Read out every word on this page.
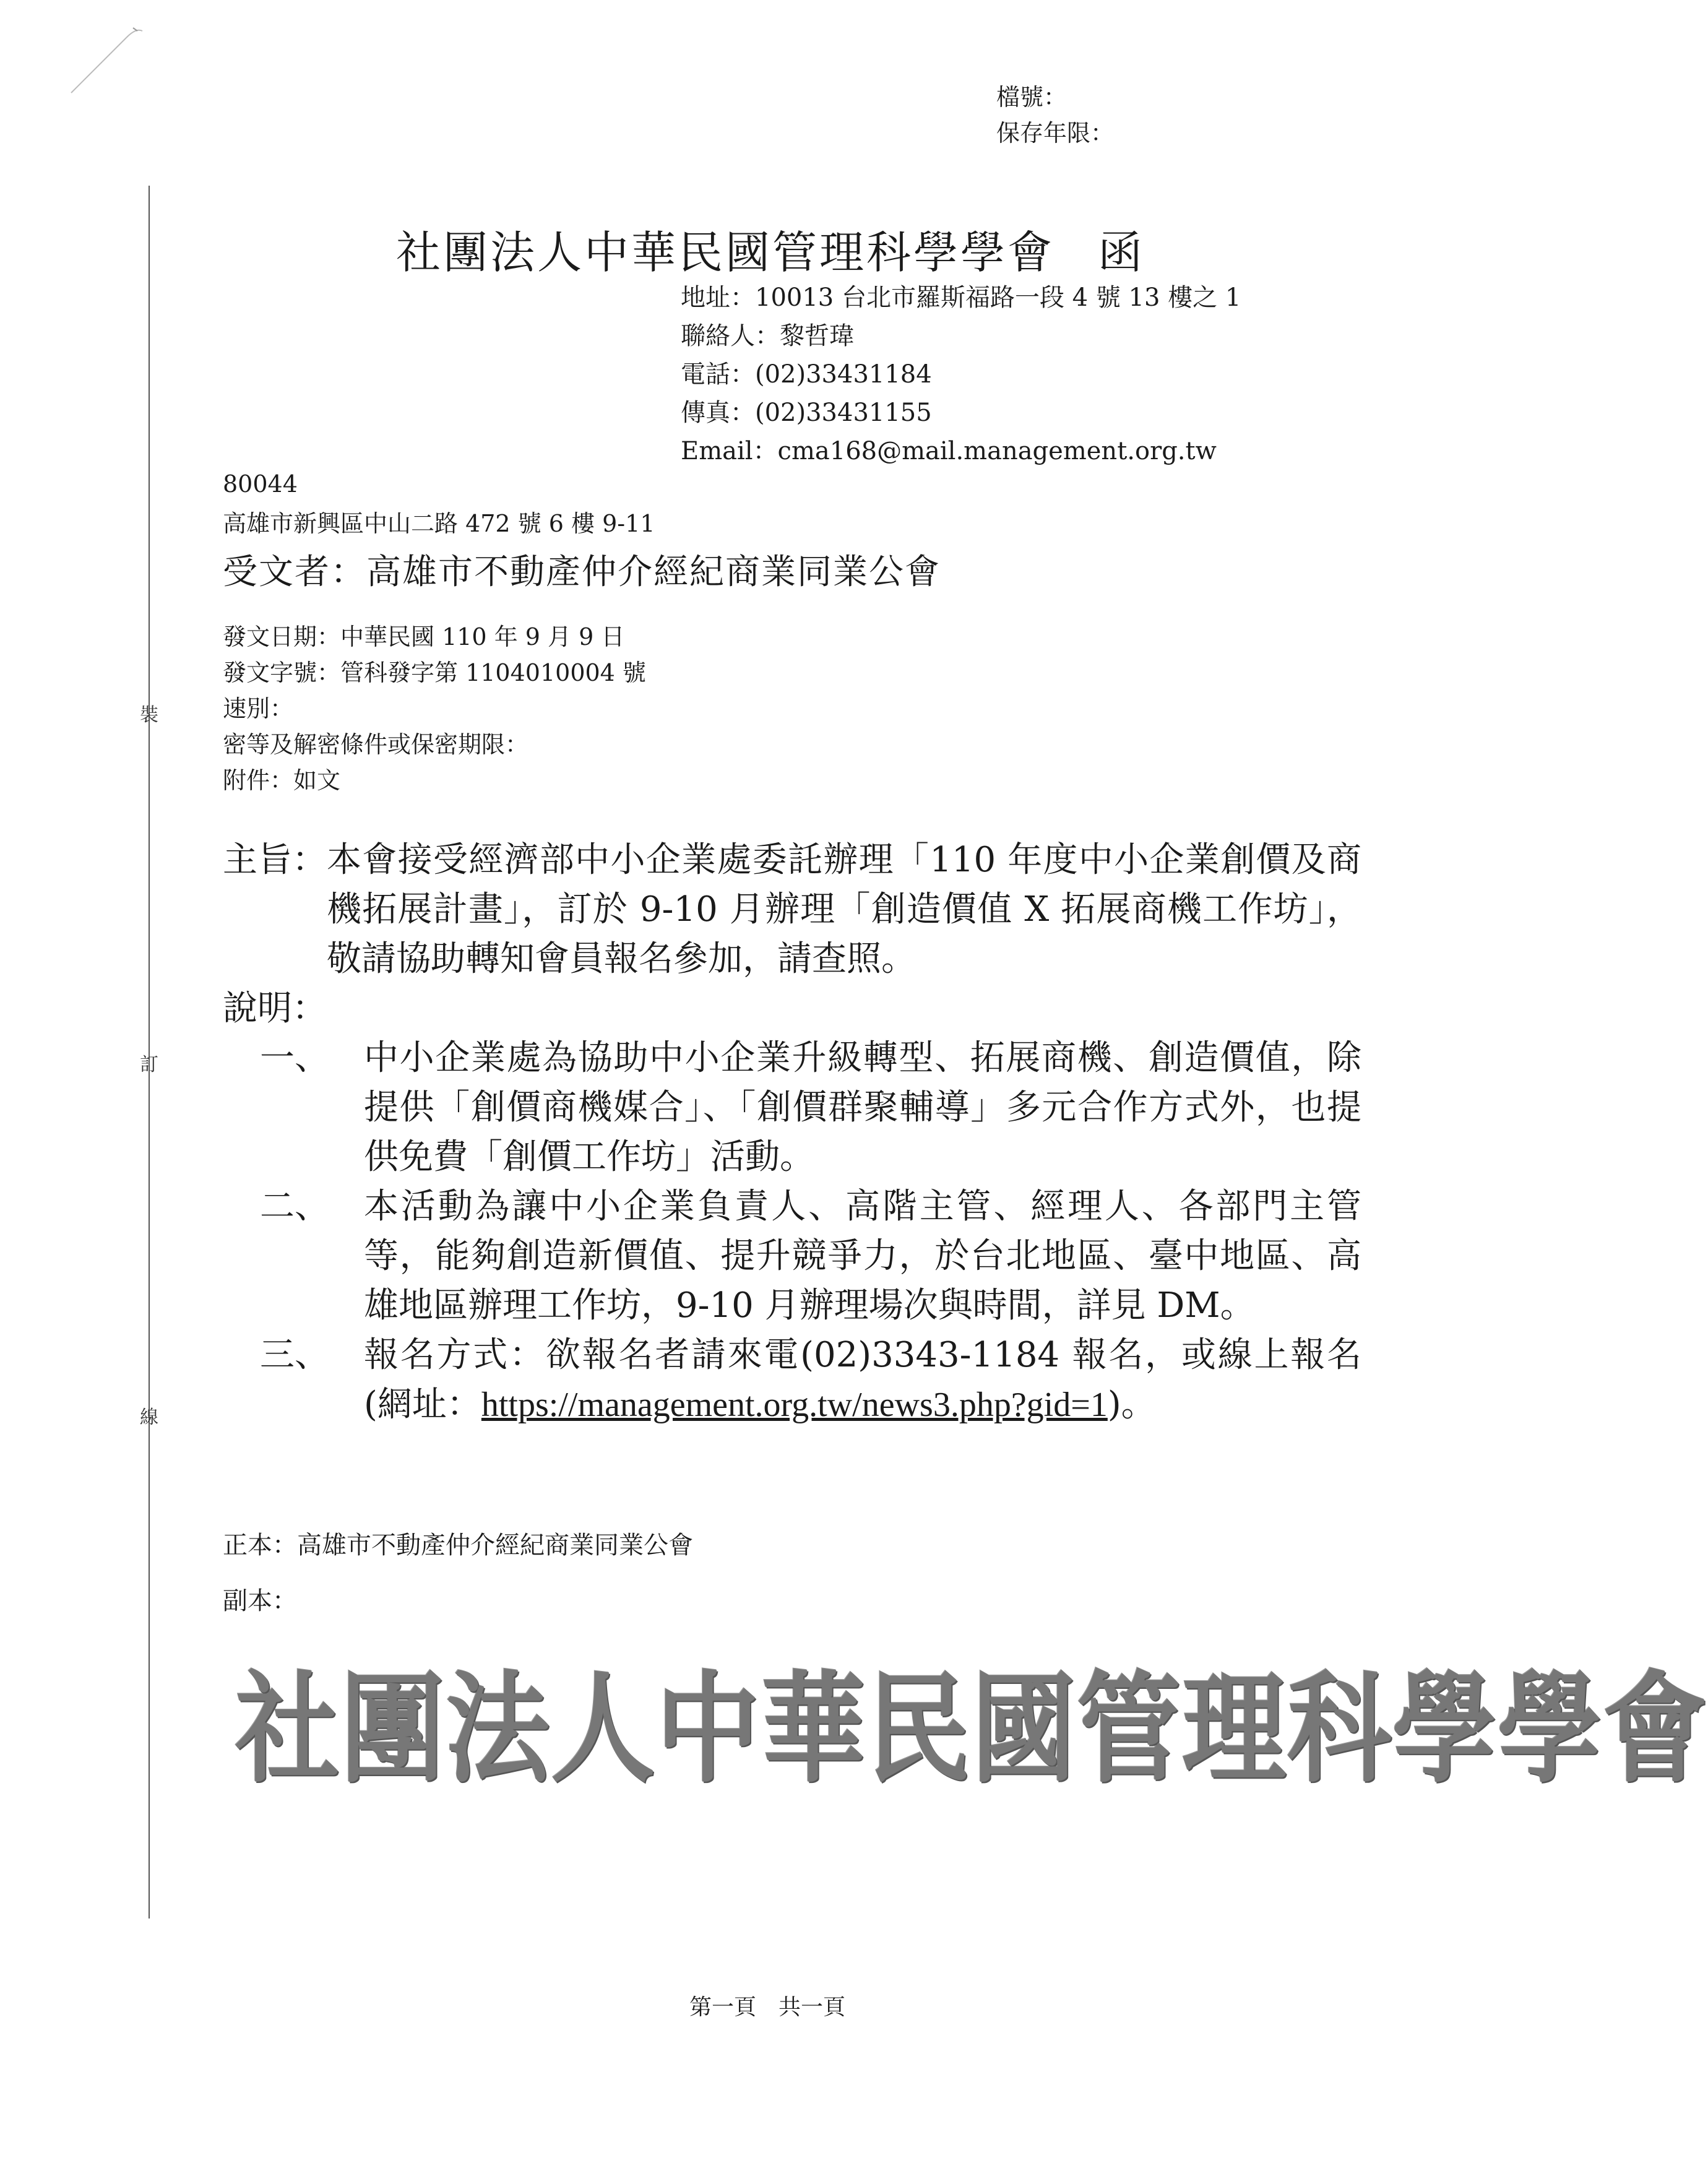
檔號：
保存年限：
裝
訂
線
社團法人中華民國管理科學學會 函
地址：10013 台北市羅斯福路一段 4 號 13 樓之 1
聯絡人：黎哲瑋
電話：(02)33431184
傳真：(02)33431155
Email：cma168@mail.management.org.tw
80044
高雄市新興區中山二路 472 號 6 樓 9-11
受文者：高雄市不動產仲介經紀商業同業公會
發文日期：中華民國 110 年 9 月 9 日
發文字號：管科發字第 1104010004 號
速別：
密等及解密條件或保密期限：
附件：如文
主旨： 本會接受經濟部中小企業處委託辦理「110 年度中小企業創價及商機拓展計畫」，訂於 9-10 月辦理「創造價值 X 拓展商機工作坊」，敬請協助轉知會員報名參加，請查照。
說明：
一、 中小企業處為協助中小企業升級轉型、拓展商機、創造價值，除提供「創價商機媒合」、「創價群聚輔導」多元合作方式外，也提供免費「創價工作坊」活動。
二、 本活動為讓中小企業負責人、高階主管、經理人、各部門主管等，能夠創造新價值、提升競爭力，於台北地區、臺中地區、高雄地區辦理工作坊，9-10 月辦理場次與時間，詳見 DM。
三、 報名方式：欲報名者請來電(02)3343-1184 報名，或線上報名(網址：https://management.org.tw/news3.php?gid=1)。
正本：高雄市不動產仲介經紀商業同業公會
副本：
社團法人中華民國管理科學學會
第一頁　共一頁
